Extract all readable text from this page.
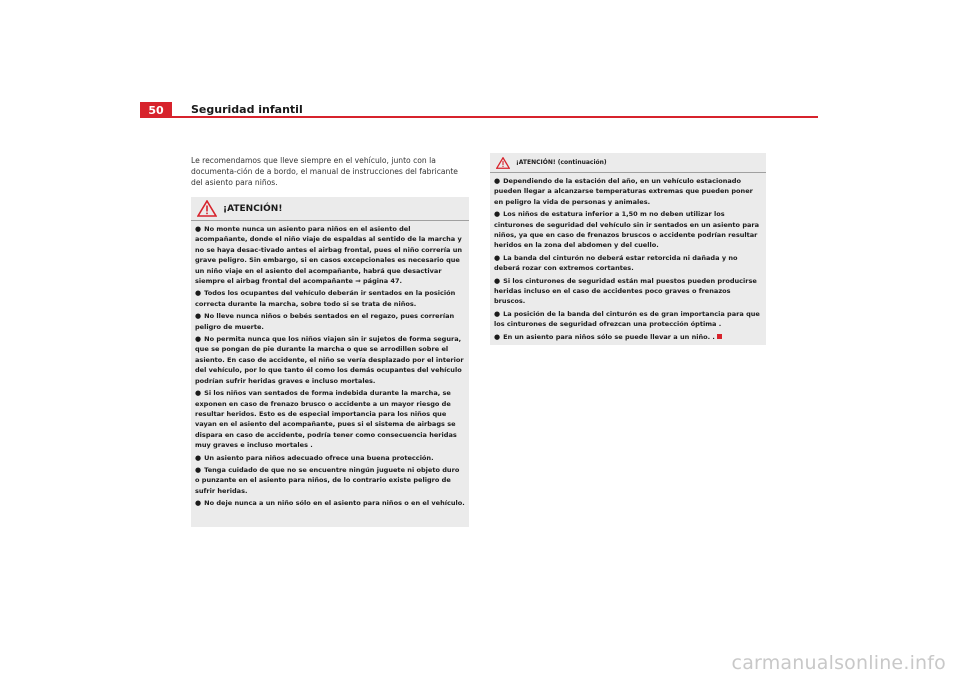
50	Seguridad infantil
Le recomendamos que lleve siempre en el vehículo, junto con la documenta-ción de a bordo, el manual de instrucciones del fabricante del asiento para niños.
¡ATENCIÓN!
● No monte nunca un asiento para niños en el asiento del acompañante, donde el niño viaje de espaldas al sentido de la marcha y no se haya desac-tivado antes el airbag frontal, pues el niño correría un grave peligro. Sin embargo, si en casos excepcionales es necesario que un niño viaje en el asiento del acompañante, habrá que desactivar siempre el airbag frontal del acompañante ⇒ página 47.
● Todos los ocupantes del vehículo deberán ir sentados en la posición correcta durante la marcha, sobre todo si se trata de niños.
● No lleve nunca niños o bebés sentados en el regazo, pues correrían peligro de muerte.
● No permita nunca que los niños viajen sin ir sujetos de forma segura, que se pongan de pie durante la marcha o que se arrodillen sobre el asiento. En caso de accidente, el niño se vería desplazado por el interior del vehículo, por lo que tanto él como los demás ocupantes del vehículo podrían sufrir heridas graves e incluso mortales.
● Si los niños van sentados de forma indebida durante la marcha, se exponen en caso de frenazo brusco o accidente a un mayor riesgo de resultar heridos. Esto es de especial importancia para los niños que vayan en el asiento del acompañante, pues si el sistema de airbags se dispara en caso de accidente, podría tener como consecuencia heridas muy graves e incluso mortales .
● Un asiento para niños adecuado ofrece una buena protección.
● Tenga cuidado de que no se encuentre ningún juguete ni objeto duro o punzante en el asiento para niños, de lo contrario existe peligro de sufrir heridas.
● No deje nunca a un niño sólo en el asiento para niños o en el vehículo.
¡ATENCIÓN! (continuación)
● Dependiendo de la estación del año, en un vehículo estacionado pueden llegar a alcanzarse temperaturas extremas que pueden poner en peligro la vida de personas y animales.
● Los niños de estatura inferior a 1,50 m no deben utilizar los cinturones de seguridad del vehículo sin ir sentados en un asiento para niños, ya que en caso de frenazos bruscos o accidente podrían resultar heridos en la zona del abdomen y del cuello.
● La banda del cinturón no deberá estar retorcida ni dañada y no deberá rozar con extremos cortantes.
● Si los cinturones de seguridad están mal puestos pueden producirse heridas incluso en el caso de accidentes poco graves o frenazos bruscos.
● La posición de la banda del cinturón es de gran importancia para que los cinturones de seguridad ofrezcan una protección óptima .
● En un asiento para niños sólo se puede llevar a un niño. .
carmanualsonline.info
